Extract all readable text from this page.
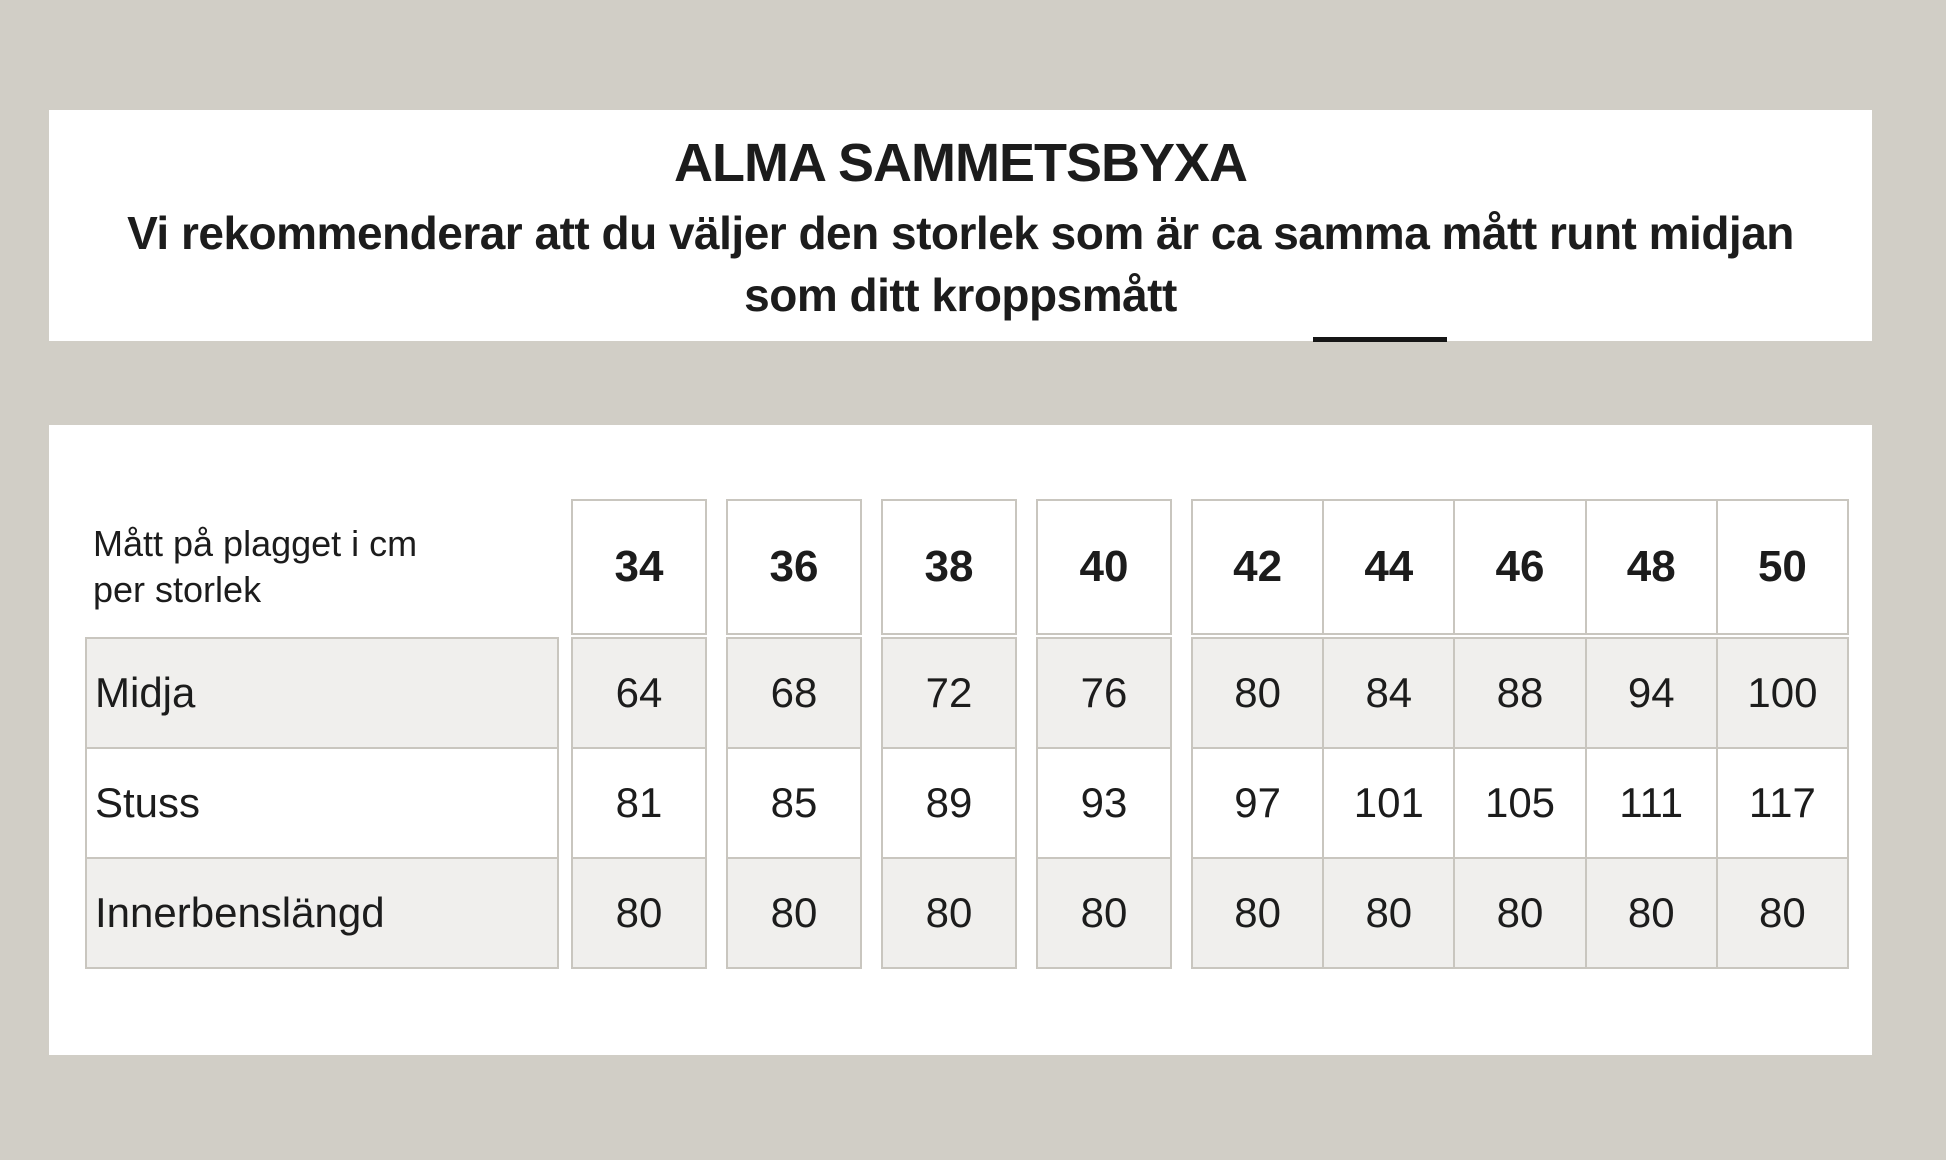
ALMA SAMMETSBYXA
Vi rekommenderar att du väljer den storlek som är ca samma mått runt midjan
som ditt kroppsmått
Mått på plagget i cm
per storlek	34	36	38	40	42	44	46	48	50
Midja	64	68	72	76	80	84	88	94	100
Stuss	81	85	89	93	97	101	105	111	117
Innerbenslängd	80	80	80	80	80	80	80	80	80
